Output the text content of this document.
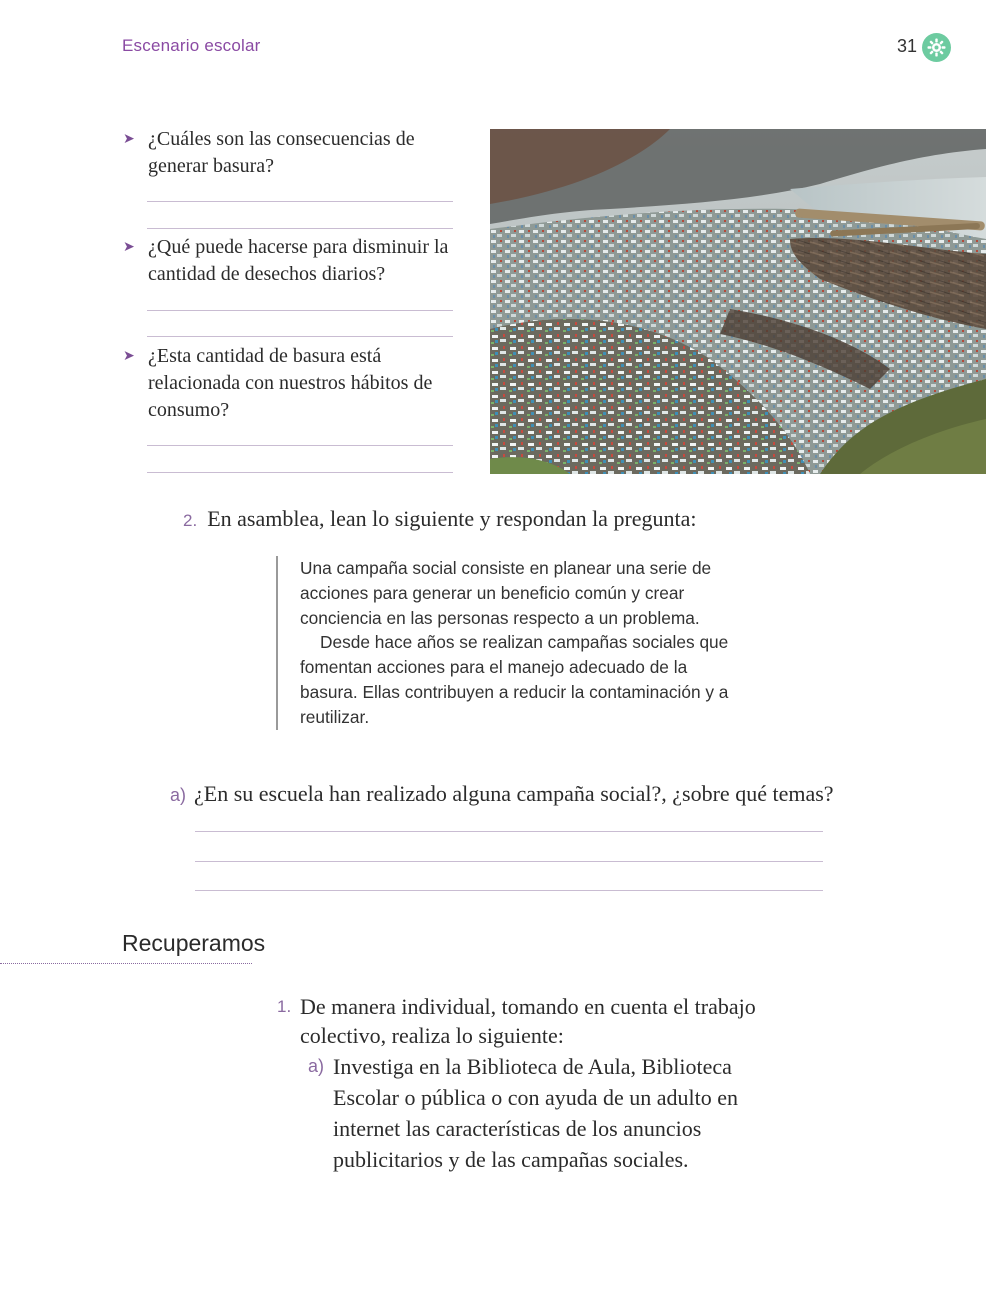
Escenario escolar	31
➤ ¿Cuáles son las consecuencias de generar basura?
➤ ¿Qué puede hacerse para disminuir la cantidad de desechos diarios?
➤ ¿Esta cantidad de basura está relacionada con nuestros hábitos de consumo?
2. En asamblea, lean lo siguiente y respondan la pregunta:

Una campaña social consiste en planear una serie de acciones para generar un beneficio común y crear conciencia en las personas respecto a un problema.

Desde hace años se realizan campañas sociales que fomentan acciones para el manejo adecuado de la basura. Ellas contribuyen a reducir la contaminación y a reutilizar.

a) ¿En su escuela han realizado alguna campaña social?, ¿sobre qué temas?
Recuperamos
1. De manera individual, tomando en cuenta el trabajo colectivo, realiza lo siguiente:
a) Investiga en la Biblioteca de Aula, Biblioteca Escolar o pública o con ayuda de un adulto en internet las características de los anuncios publicitarios y de las campañas sociales.
